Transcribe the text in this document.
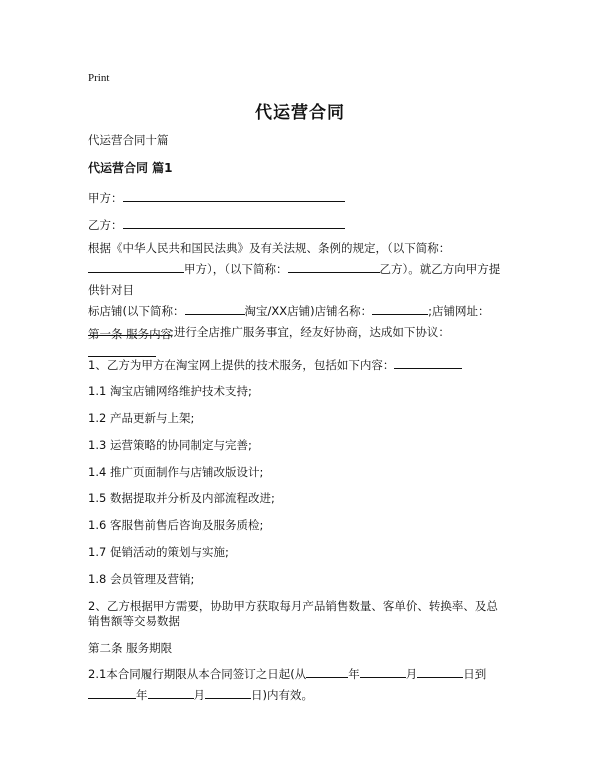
Print
代运营合同
代运营合同十篇
代运营合同 篇1
甲方：
乙方：
根据《中华人民共和国民法典》及有关法规、条例的规定，（以下简称：
甲方），（以下简称：	乙方）。就乙方向甲方提供针对目
标店铺(以下简称：	淘宝/XX店铺)店铺名称：	;店铺网址：
;进行全店推广服务事宜，经友好协商，达成如下协议：

第一条 服务内容
1、乙方为甲方在淘宝网上提供的技术服务，包括如下内容：
1.1 淘宝店铺网络维护技术支持;
1.2 产品更新与上架;
1.3 运营策略的协同制定与完善;
1.4 推广页面制作与店铺改版设计;
1.5 数据提取并分析及内部流程改进;
1.6 客服售前售后咨询及服务质检;
1.7 促销活动的策划与实施;
1.8 会员管理及营销;
2、乙方根据甲方需要，协助甲方获取每月产品销售数量、客单价、转换率、及总
销售额等交易数据
第二条 服务期限
2.1本合同履行期限从本合同签订之日起(从	年	月	日到
年	月	日)内有效。
